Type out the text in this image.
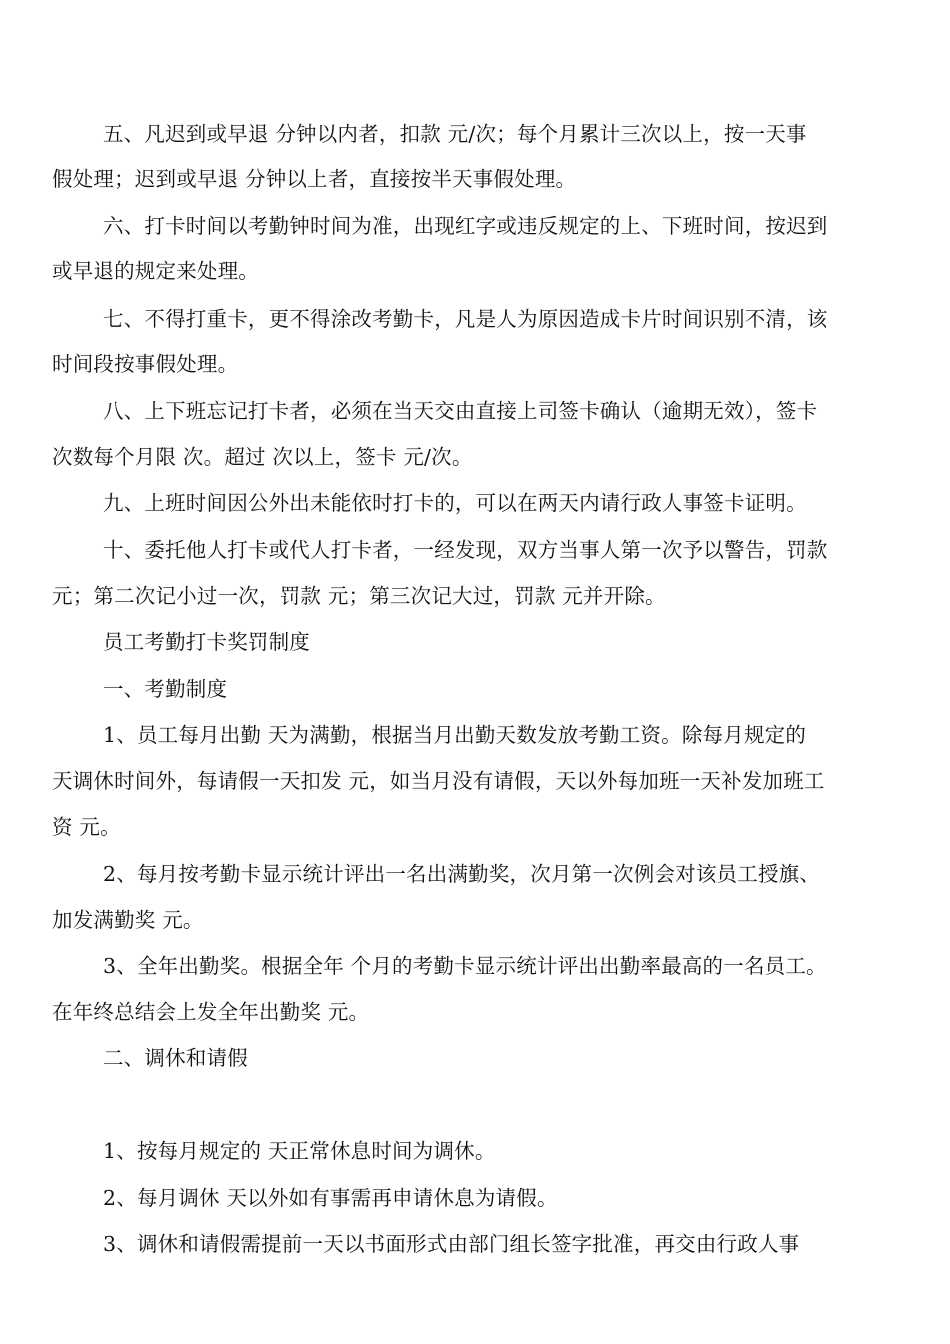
五、凡迟到或早退 分钟以内者，扣款 元/次；每个月累计三次以上，按一天事
假处理；迟到或早退 分钟以上者，直接按半天事假处理。
六、打卡时间以考勤钟时间为准，出现红字或违反规定的上、下班时间，按迟到
或早退的规定来处理。
七、不得打重卡，更不得涂改考勤卡，凡是人为原因造成卡片时间识别不清，该
时间段按事假处理。
八、上下班忘记打卡者，必须在当天交由直接上司签卡确认（逾期无效），签卡
次数每个月限 次。超过 次以上，签卡 元/次。
九、上班时间因公外出未能依时打卡的，可以在两天内请行政人事签卡证明。
十、委托他人打卡或代人打卡者，一经发现，双方当事人第一次予以警告，罚款
元；第二次记小过一次，罚款 元；第三次记大过，罚款 元并开除。
员工考勤打卡奖罚制度
一、考勤制度
1、员工每月出勤 天为满勤，根据当月出勤天数发放考勤工资。除每月规定的
天调休时间外，每请假一天扣发 元，如当月没有请假，天以外每加班一天补发加班工
资 元。
2、每月按考勤卡显示统计评出一名出满勤奖，次月第一次例会对该员工授旗、
加发满勤奖 元。
3、全年出勤奖。根据全年 个月的考勤卡显示统计评出出勤率最高的一名员工。
在年终总结会上发全年出勤奖 元。
二、调休和请假
1、按每月规定的 天正常休息时间为调休。
2、每月调休 天以外如有事需再申请休息为请假。
3、调休和请假需提前一天以书面形式由部门组长签字批准，再交由行政人事
